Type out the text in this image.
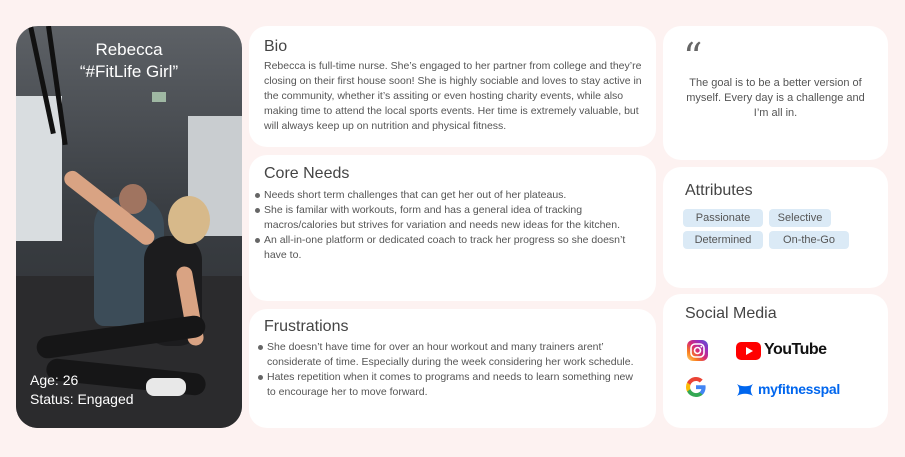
Rebecca
“#FitLife Girl”
Age: 26
Status: Engaged
Bio
Rebecca is full-time nurse. She’s engaged to her partner from college and they’re closing on their first house soon! She is highly sociable and loves to stay active in the community, whether it’s assiting or even hosting charity events, while also making time to attend the local sports events. Her time is extremely valuable, but will always keep up on nutrition and physical fitness.
Core Needs
Needs short term challenges that can get her out of her plateaus.
She is familar with workouts, form and has a general idea of tracking macros/calories but strives for variation and needs new ideas for the kitchen.
An all-in-one platform or dedicated coach to track her progress so she doesn’t have to.
Frustrations
She doesn’t have time for over an hour workout and many trainers arent’ considerate of time. Especially during the week considering her work schedule.
Hates repetition when it comes to programs and needs to learn something new to encourage her to move forward.
“
The goal is to be a better version of myself. Every day is a challenge and I’m all in.
Attributes
Passionate	Selective
Determined	On-the-Go
Social Media
YouTube
myfitnesspal
